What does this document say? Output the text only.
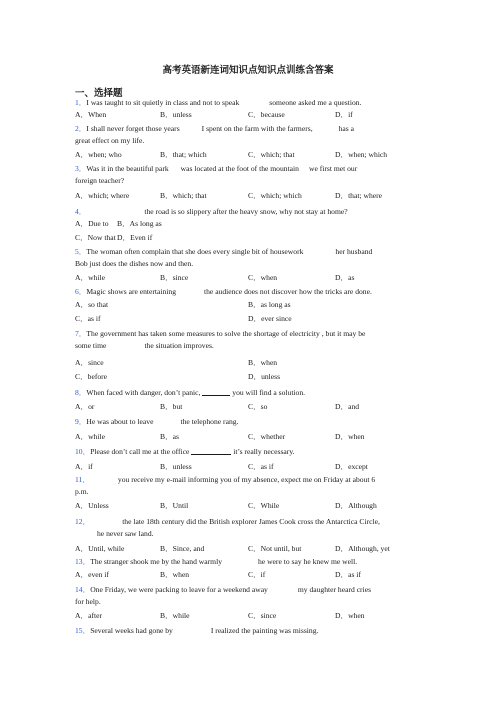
高考英语新连词知识点知识点训练含答案
一、选择题
1．I was taught to sit quietly in class and not to speak	someone asked me a question.
A．When	B．unless	C．because	D．if
2．I shall never forget those years	I spent on the farm with the farmers,	has a
great effect on my life.
A．when; who	B．that; which	C．which; that	D．when; which
3．Was it in the beautiful park was located at the foot of the mountain we first met our
foreign teacher?
A．which; where	B．which; that	C．which; which	D．that; where
4．	the road is so slippery after the heavy snow, why not stay at home?
A．Due to B．As long as
C．Now that D．Even if
5．The woman often complain that she does every single bit of housework	her husband
Bob just does the dishes now and then.
A．while	B．since	C．when	D．as
6．Magic shows are entertaining	the audience does not discover how the tricks are done.
A．so that	B．as long as
C．as if	D．ever since
7．The government has taken some measures to solve the shortage of electricity , but it may be
some time	the situation improves.
A．since	B．when
C．before	D．unless
8．When faced with danger, don’t panic,	you will find a solution.
A．or	B．but	C．so	D．and
9．He was about to leave	the telephone rang.
A．while	B．as	C．whether	D．when
10．Please don’t call me at the office	it’s really necessary.
A．if	B．unless	C．as if	D．except
11．	you receive my e-mail informing you of my absence, expect me on Friday at about 6
p.m.
A．Unless	B．Until	C．While	D．Although
12．	the late 18th century did the British explorer James Cook cross the Antarctica Circle,
he never saw land.
A．Until, while	B．Since, and	C．Not until, but	D．Although, yet
13．The stranger shook me by the hand warmly	he were to say he knew me well.
A．even if	B．when	C．if	D．as if
14．One Friday, we were packing to leave for a weekend away	my daughter heard cries
for help.
A．after	B．while	C．since	D．when
15．Several weeks had gone by	I realized the painting was missing.
